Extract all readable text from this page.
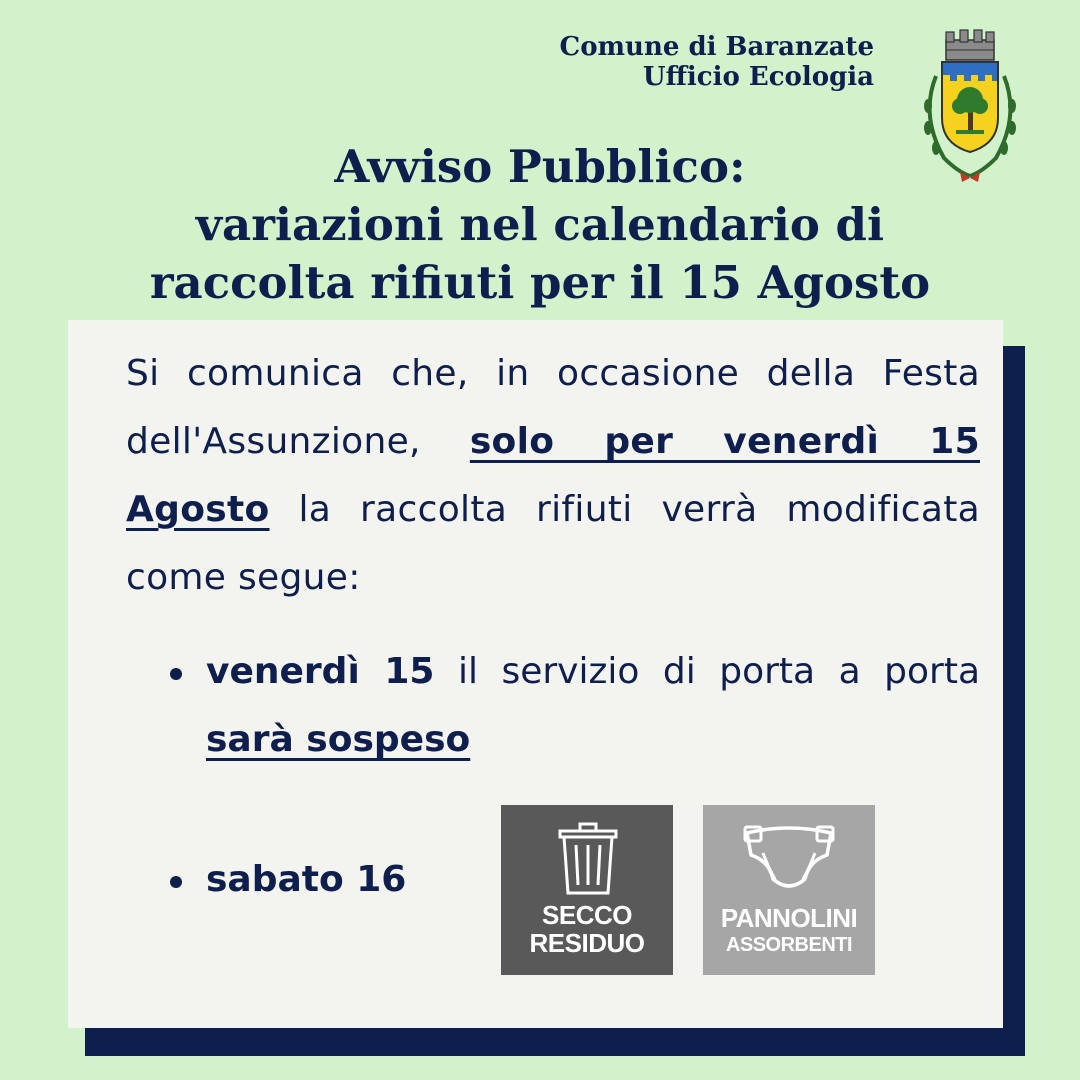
Comune di Baranzate
Ufficio Ecologia
Avviso Pubblico:
variazioni nel calendario di
raccolta rifiuti per il 15 Agosto
Si comunica che, in occasione della Festa dell'Assunzione, solo per venerdì 15 Agosto la raccolta rifiuti verrà modificata come segue:
venerdì 15 il servizio di porta a porta sarà sospeso
sabato 16
SECCO
RESIDUO
PANNOLINI
ASSORBENTI
